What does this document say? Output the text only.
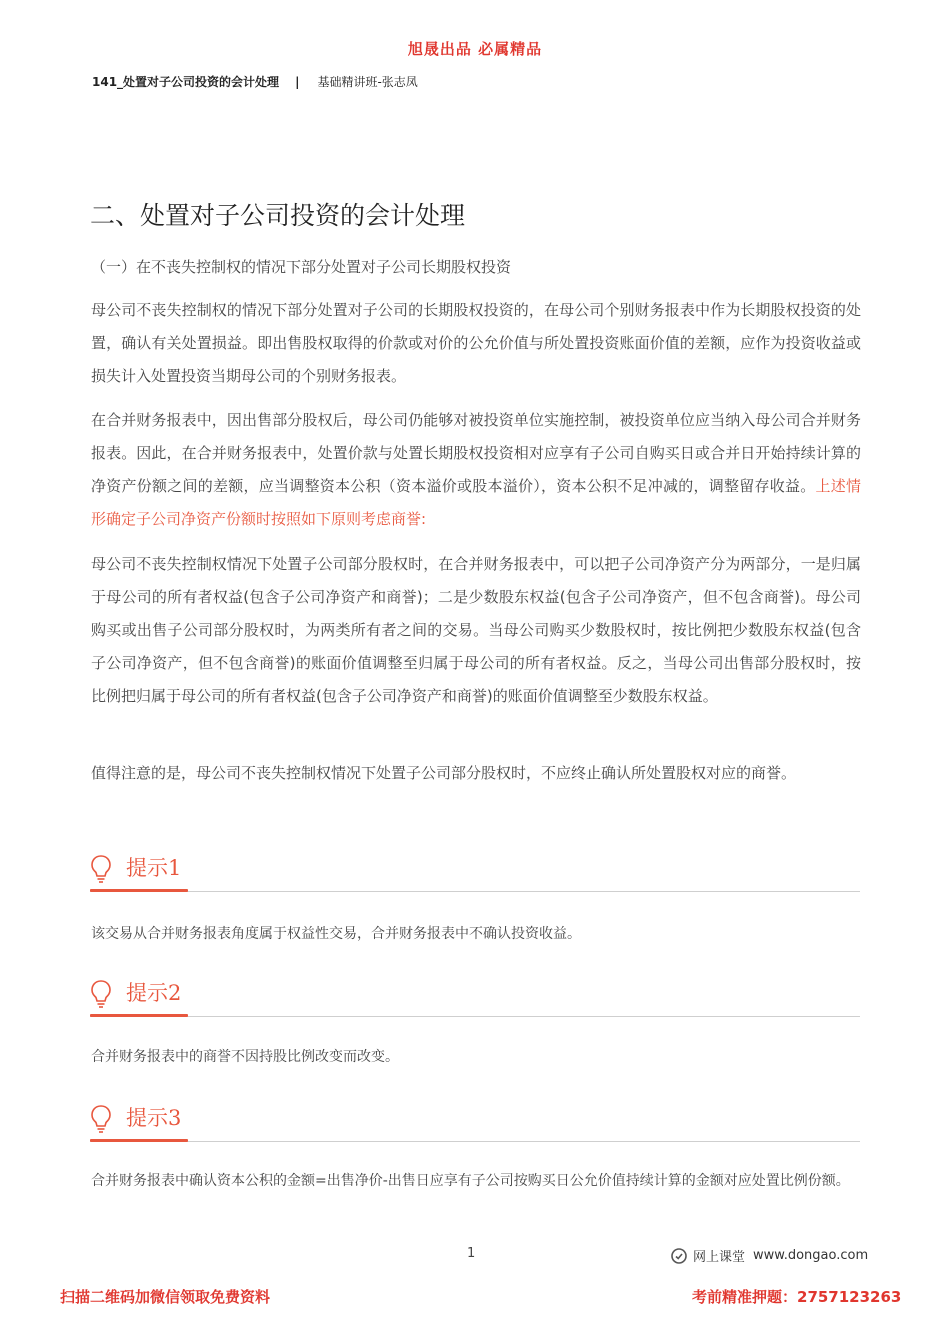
旭晟出品 必属精品
141_处置对子公司投资的会计处理 | 基础精讲班-张志凤
二、处置对子公司投资的会计处理
（一）在不丧失控制权的情况下部分处置对子公司长期股权投资

母公司不丧失控制权的情况下部分处置对子公司的长期股权投资的，在母公司个别财务报表中作为长期股权投资的处置，确认有关处置损益。即出售股权取得的价款或对价的公允价值与所处置投资账面价值的差额，应作为投资收益或损失计入处置投资当期母公司的个别财务报表。

在合并财务报表中，因出售部分股权后，母公司仍能够对被投资单位实施控制，被投资单位应当纳入母公司合并财务报表。因此，在合并财务报表中，处置价款与处置长期股权投资相对应享有子公司自购买日或合并日开始持续计算的净资产份额之间的差额，应当调整资本公积（资本溢价或股本溢价），资本公积不足冲减的，调整留存收益。上述情形确定子公司净资产份额时按照如下原则考虑商誉:

母公司不丧失控制权情况下处置子公司部分股权时，在合并财务报表中，可以把子公司净资产分为两部分，一是归属于母公司的所有者权益(包含子公司净资产和商誉)；二是少数股东权益(包含子公司净资产，但不包含商誉)。母公司购买或出售子公司部分股权时，为两类所有者之间的交易。当母公司购买少数股权时，按比例把少数股东权益(包含子公司净资产，但不包含商誉)的账面价值调整至归属于母公司的所有者权益。反之，当母公司出售部分股权时，按比例把归属于母公司的所有者权益(包含子公司净资产和商誉)的账面价值调整至少数股东权益。

值得注意的是，母公司不丧失控制权情况下处置子公司部分股权时，不应终止确认所处置股权对应的商誉。

提示1
该交易从合并财务报表角度属于权益性交易，合并财务报表中不确认投资收益。
提示2
合并财务报表中的商誉不因持股比例改变而改变。
提示3
合并财务报表中确认资本公积的金额=出售净价-出售日应享有子公司按购买日公允价值持续计算的金额对应处置比例份额。
1	网上课堂 www.dongao.com
扫描二维码加微信领取免费资料	考前精准押题：2757123263
